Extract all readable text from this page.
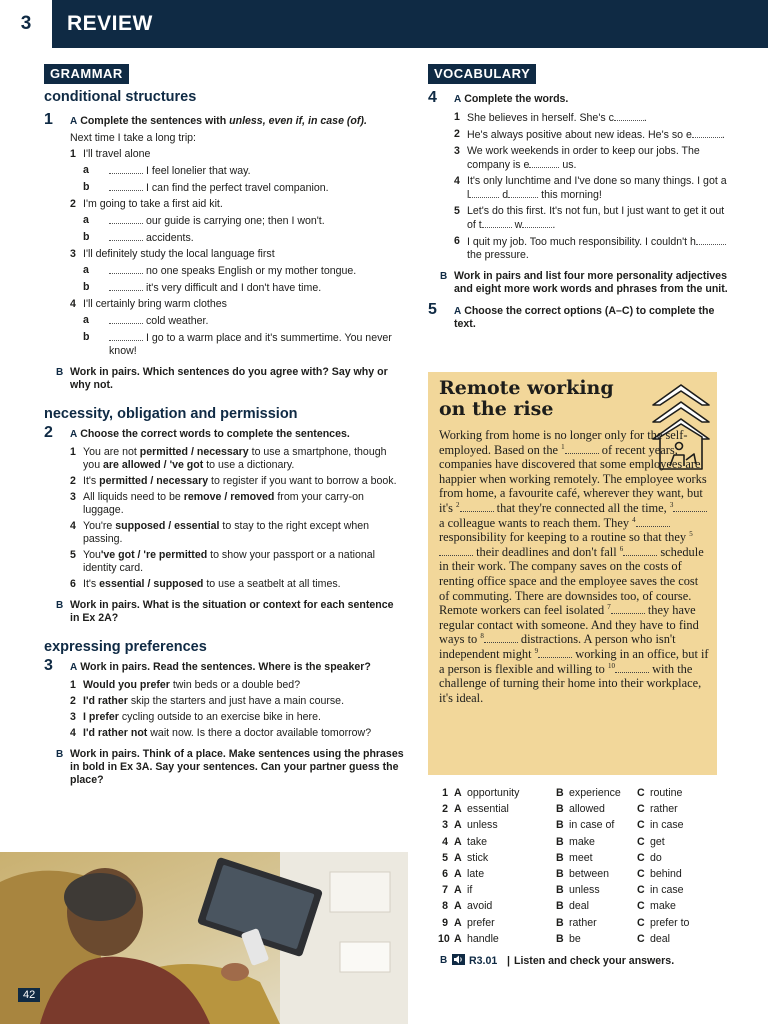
3	REVIEW
GRAMMAR
conditional structures
1 A Complete the sentences with unless, even if, in case (of).
Next time I take a long trip:
1 I'll travel alone
a	I feel lonelier that way.
b	I can find the perfect travel companion.
2 I'm going to take a first aid kit.
a	our guide is carrying one; then I won't.
b	accidents.
3 I'll definitely study the local language first
a	no one speaks English or my mother tongue.
b	it's very difficult and I don't have time.
4 I'll certainly bring warm clothes
a	cold weather.
b	I go to a warm place and it's summertime. You never know!
B Work in pairs. Which sentences do you agree with? Say why or why not.
necessity, obligation and permission
2 A Choose the correct words to complete the sentences.
1 You are not permitted / necessary to use a smartphone, though you are allowed / 've got to use a dictionary.
2 It's permitted / necessary to register if you want to borrow a book.
3 All liquids need to be remove / removed from your carry-on luggage.
4 You're supposed / essential to stay to the right except when passing.
5 You've got / 're permitted to show your passport or a national identity card.
6 It's essential / supposed to use a seatbelt at all times.
B Work in pairs. What is the situation or context for each sentence in Ex 2A?
expressing preferences
3 A Work in pairs. Read the sentences. Where is the speaker?
1 Would you prefer twin beds or a double bed?
2 I'd rather skip the starters and just have a main course.
3 I prefer cycling outside to an exercise bike in here.
4 I'd rather not wait now. Is there a doctor available tomorrow?
B Work in pairs. Think of a place. Make sentences using the phrases in bold in Ex 3A. Say your sentences. Can your partner guess the place?
VOCABULARY
4 A Complete the words.
1 She believes in herself. She's c	.
2 He's always positive about new ideas. He's so e	.
3 We work weekends in order to keep our jobs. The company is e	us.
4 It's only lunchtime and I've done so many things. I got a l	d	this morning!
5 Let's do this first. It's not fun, but I just want to get it out of t	w	.
6 I quit my job. Too much responsibility. I couldn't h the pressure.
B Work in pairs and list four more personality adjectives and eight more work words and phrases from the unit.
5 A Choose the correct options (A–C) to complete the text.
Remote working on the rise
Working from home is no longer only for the self-employed. Based on the $^1$	of recent years, companies have discovered that some employees are happier when working remotely. The employee works from home, a favourite café, wherever they want, but it's $^2$	that they're connected all the time, $^3$ a colleague wants to reach them. They $^4$ responsibility for keeping to a routine so that they $^5$ their deadlines and don't fall $^6$	schedule in their work. The company saves on the costs of renting office space and the employee saves the cost of commuting. There are downsides too, of course. Remote workers can feel isolated $^7$	they have regular contact with someone. And they have to find ways to $^8$	distractions. A person who isn't independent might $^9$	working in an office, but if a person is flexible and willing to $^{10}$	with the challenge of turning their home into their workplace, it's ideal.
1 A opportunity	B experience C routine
2 A essential	B allowed	C rather
3 A unless	B in case of C in case
4 A take	B make	C get
5 A stick	B meet	C do
6 A late	B between	C behind
7 A if	B unless	C in case
8 A avoid	B deal	C make
9 A prefer	B rather	C prefer to
10 A handle	B be	C deal
B R3.01 | Listen and check your answers.
42
